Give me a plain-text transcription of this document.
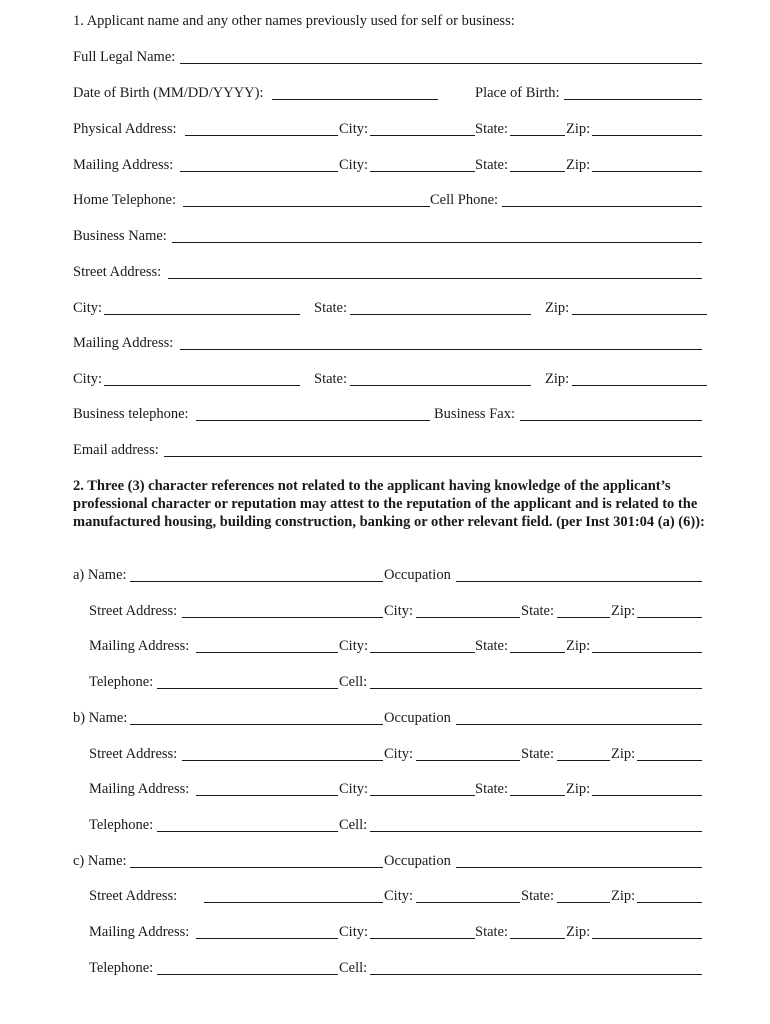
1. Applicant name and any other names previously used for self or business:
Full Legal Name:
Date of Birth (MM/DD/YYYY):	Place of Birth:
Physical Address:	City:	State:	Zip:
Mailing Address:	City:	State:	Zip:
Home Telephone:	Cell Phone:
Business Name:
Street Address:
City:	State:	Zip:
Mailing Address:
City:	State:	Zip:
Business telephone:	Business Fax:
Email address:
2. Three (3) character references not related to the applicant having knowledge of the applicant’s professional character or reputation may attest to the reputation of the applicant and is related to the manufactured housing, building construction, banking or other relevant field. (per Inst 301:04 (a) (6)):
a) Name:	Occupation
Street Address:	City:	State:	Zip:
Mailing Address:	City:	State:	Zip:
Telephone:	Cell:
b) Name:	Occupation
Street Address:	City:	State:	Zip:
Mailing Address:	City:	State:	Zip:
Telephone:	Cell:
c) Name:	Occupation
Street Address:	City:	State:	Zip:
Mailing Address:	City:	State:	Zip:
Telephone:	Cell:
